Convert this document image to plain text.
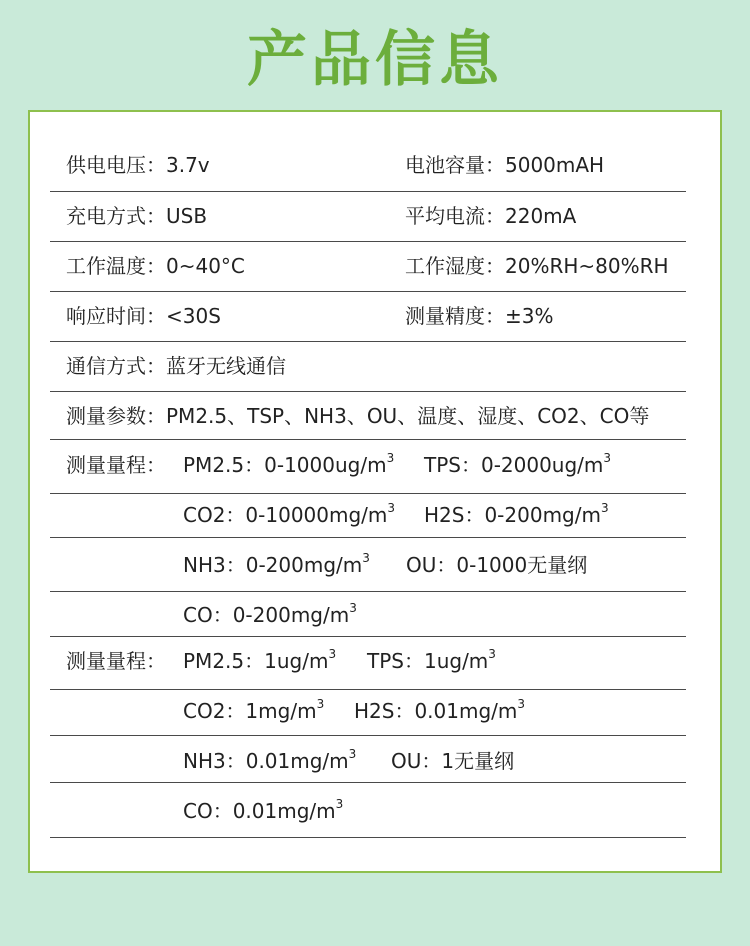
产品信息
供电电压：3.7v	电池容量：5000mAH
充电方式：USB	平均电流：220mA
工作温度：0~40°C	工作湿度：20%RH~80%RH
响应时间：<30S	测量精度：±3%
通信方式：蓝牙无线通信
测量参数：PM2.5、TSP、NH3、OU、温度、湿度、CO2、CO等
测量量程： PM2.5：$0-1000ug/m^3$ TPS：$0-2000ug/m^3$
CO2：$0-10000mg/m^3$ H2S：$0-200mg/m^3$
NH3：$0-200mg/m^3$ OU：0-1000无量纲
CO：$0-200mg/m^3$
测量量程： PM2.5：$1ug/m^3$ TPS：$1ug/m^3$
CO2：$1mg/m^3$ H2S：$0.01mg/m^3$
NH3：$0.01mg/m^3$ OU：1无量纲
CO：$0.01mg/m^3$
